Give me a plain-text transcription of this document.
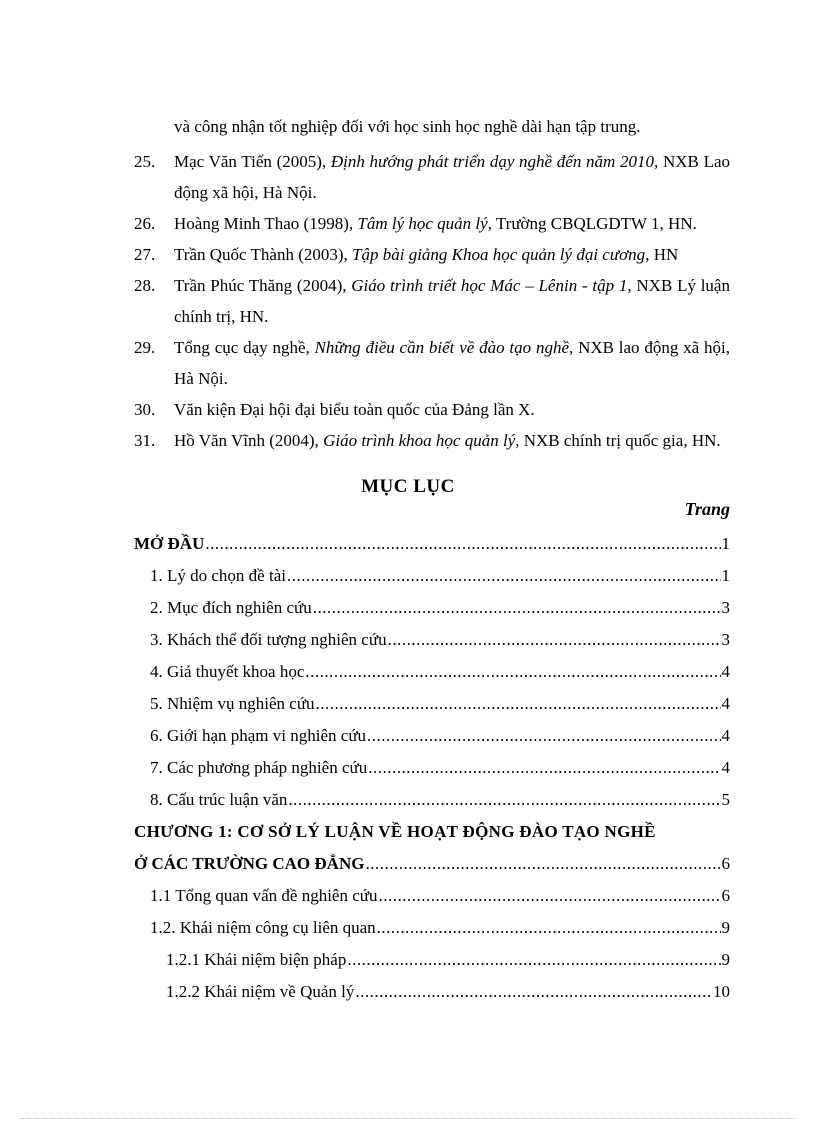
và công nhận tốt nghiệp đối với học sinh học nghề dài hạn tập trung.
25. Mạc Văn Tiến (2005), Định hướng phát triển dạy nghề đến năm 2010, NXB Lao động xã hội, Hà Nội.
26. Hoàng Minh Thao (1998), Tâm lý học quản lý, Trường CBQLGDTW 1, HN.
27. Trần Quốc Thành (2003), Tập bài giảng Khoa học quản lý đại cương, HN
28. Trần Phúc Thăng (2004), Giáo trình triết học Mác – Lênin - tập 1, NXB Lý luận chính trị, HN.
29. Tổng cục dạy nghề, Những điều cần biết về đào tạo nghề, NXB lao động xã hội, Hà Nội.
30. Văn kiện Đại hội đại biểu toàn quốc của Đảng lần X.
31. Hồ Văn Vĩnh (2004), Giáo trình khoa học quản lý, NXB chính trị quốc gia, HN.
MỤC LỤC
Trang
MỞ ĐẦU .....	1
1. Lý do chọn đề tài .....	1
2. Mục đích nghiên cứu .....	3
3. Khách thể đối tượng nghiên cứu .....	3
4. Giả thuyết khoa học .....	4
5. Nhiệm vụ nghiên cứu .....	4
6. Giới hạn phạm vi nghiên cứu .....	4
7. Các phương pháp nghiên cứu .....	4
8. Cấu trúc luận văn .....	5
CHƯƠNG 1: CƠ SỞ LÝ LUẬN VỀ HOẠT ĐỘNG ĐÀO TẠO NGHỀ
Ở CÁC TRƯỜNG CAO ĐẲNG .....	6
1.1 Tổng quan vấn đề nghiên cứu .....	6
1.2. Khái niệm công cụ liên quan .....	9
1.2.1 Khái niệm biện pháp .....	9
1.2.2 Khái niệm về Quản lý .....	10
